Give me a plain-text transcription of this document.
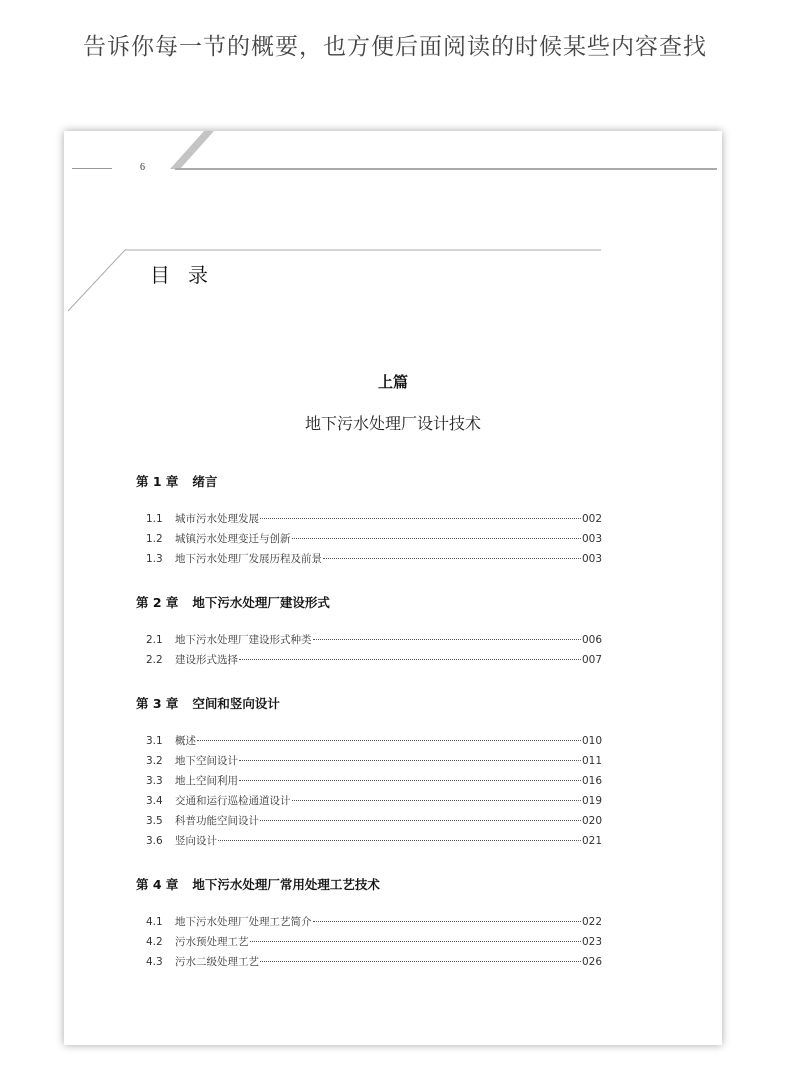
告诉你每一节的概要，也方便后面阅读的时候某些内容查找
6
目录
上篇
地下污水处理厂设计技术
第 1 章 绪言
1.1	城市污水处理发展	002
1.2	城镇污水处理变迁与创新	003
1.3	地下污水处理厂发展历程及前景	003
第 2 章 地下污水处理厂建设形式
2.1	地下污水处理厂建设形式种类	006
2.2	建设形式选择	007
第 3 章 空间和竖向设计
3.1	概述	010
3.2	地下空间设计	011
3.3	地上空间利用	016
3.4	交通和运行巡检通道设计	019
3.5	科普功能空间设计	020
3.6	竖向设计	021
第 4 章 地下污水处理厂常用处理工艺技术
4.1	地下污水处理厂处理工艺简介	022
4.2	污水预处理工艺	023
4.3	污水二级处理工艺	026
